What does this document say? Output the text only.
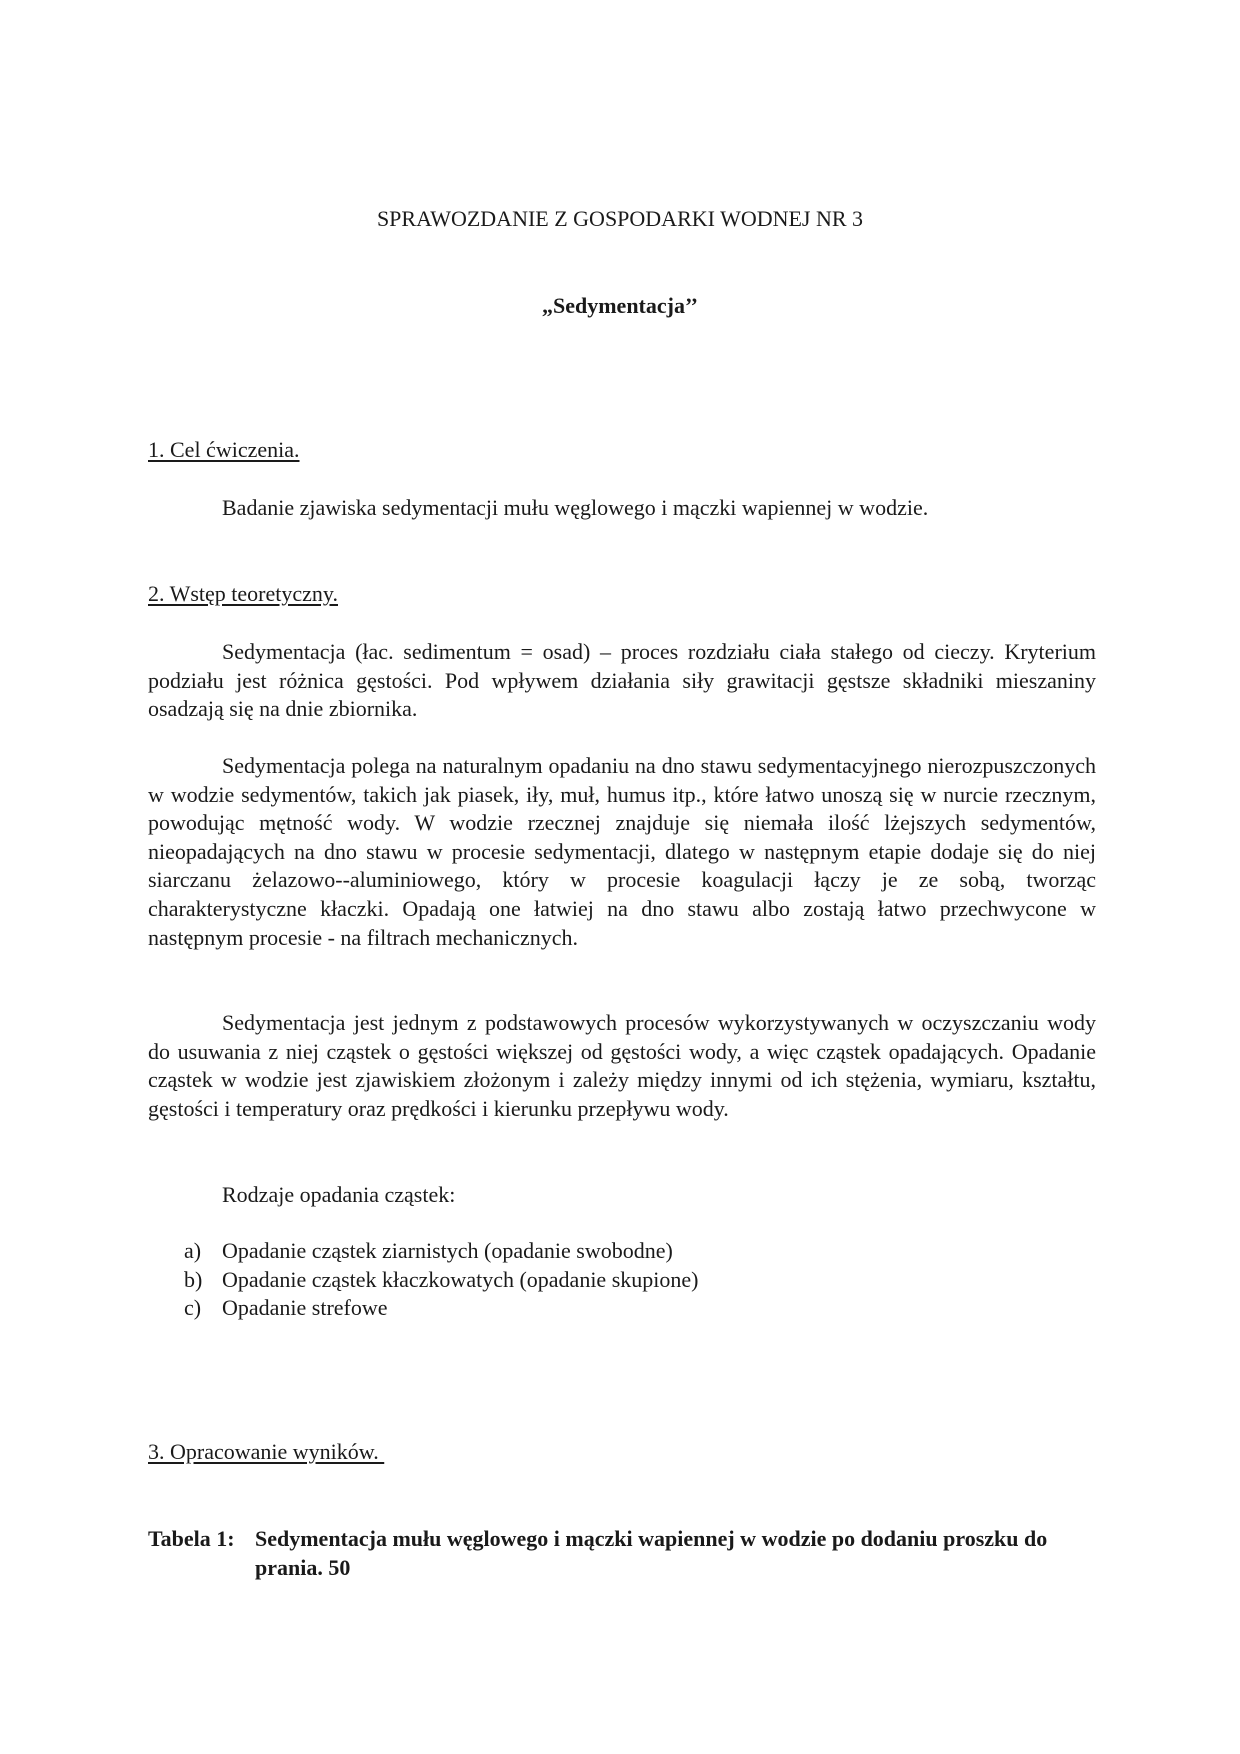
SPRAWOZDANIE Z GOSPODARKI WODNEJ NR 3
„Sedymentacja’’
1. Cel ćwiczenia.
Badanie zjawiska sedymentacji mułu węglowego i mączki wapiennej w wodzie.
2. Wstęp teoretyczny.
Sedymentacja (łac. sedimentum = osad) – proces rozdziału ciała stałego od cieczy. Kryterium podziału jest różnica gęstości. Pod wpływem działania siły grawitacji gęstsze składniki mieszaniny osadzają się na dnie zbiornika.
Sedymentacja polega na naturalnym opadaniu na dno stawu sedymentacyjnego nierozpuszczonych w wodzie sedymentów, takich jak piasek, iły, muł, humus itp., które łatwo unoszą się w nurcie rzecznym, powodując mętność wody. W wodzie rzecznej znajduje się niemała ilość lżejszych sedymentów, nieopadających na dno stawu w procesie sedymentacji, dlatego w następnym etapie dodaje się do niej siarczanu żelazowo--aluminiowego, który w procesie koagulacji łączy je ze sobą, tworząc charakterystyczne kłaczki. Opadają one łatwiej na dno stawu albo zostają łatwo przechwycone w następnym procesie - na filtrach mechanicznych.
Sedymentacja jest jednym z podstawowych procesów wykorzystywanych w oczyszczaniu wody do usuwania z niej cząstek o gęstości większej od gęstości wody, a więc cząstek opadających. Opadanie cząstek w wodzie jest zjawiskiem złożonym i zależy między innymi od ich stężenia, wymiaru, kształtu, gęstości i temperatury oraz prędkości i kierunku przepływu wody.
Rodzaje opadania cząstek:
a) Opadanie cząstek ziarnistych (opadanie swobodne)
b) Opadanie cząstek kłaczkowatych (opadanie skupione)
c) Opadanie strefowe
3. Opracowanie wyników.
Tabela 1: Sedymentacja mułu węglowego i mączki wapiennej w wodzie po dodaniu proszku do prania. 50
